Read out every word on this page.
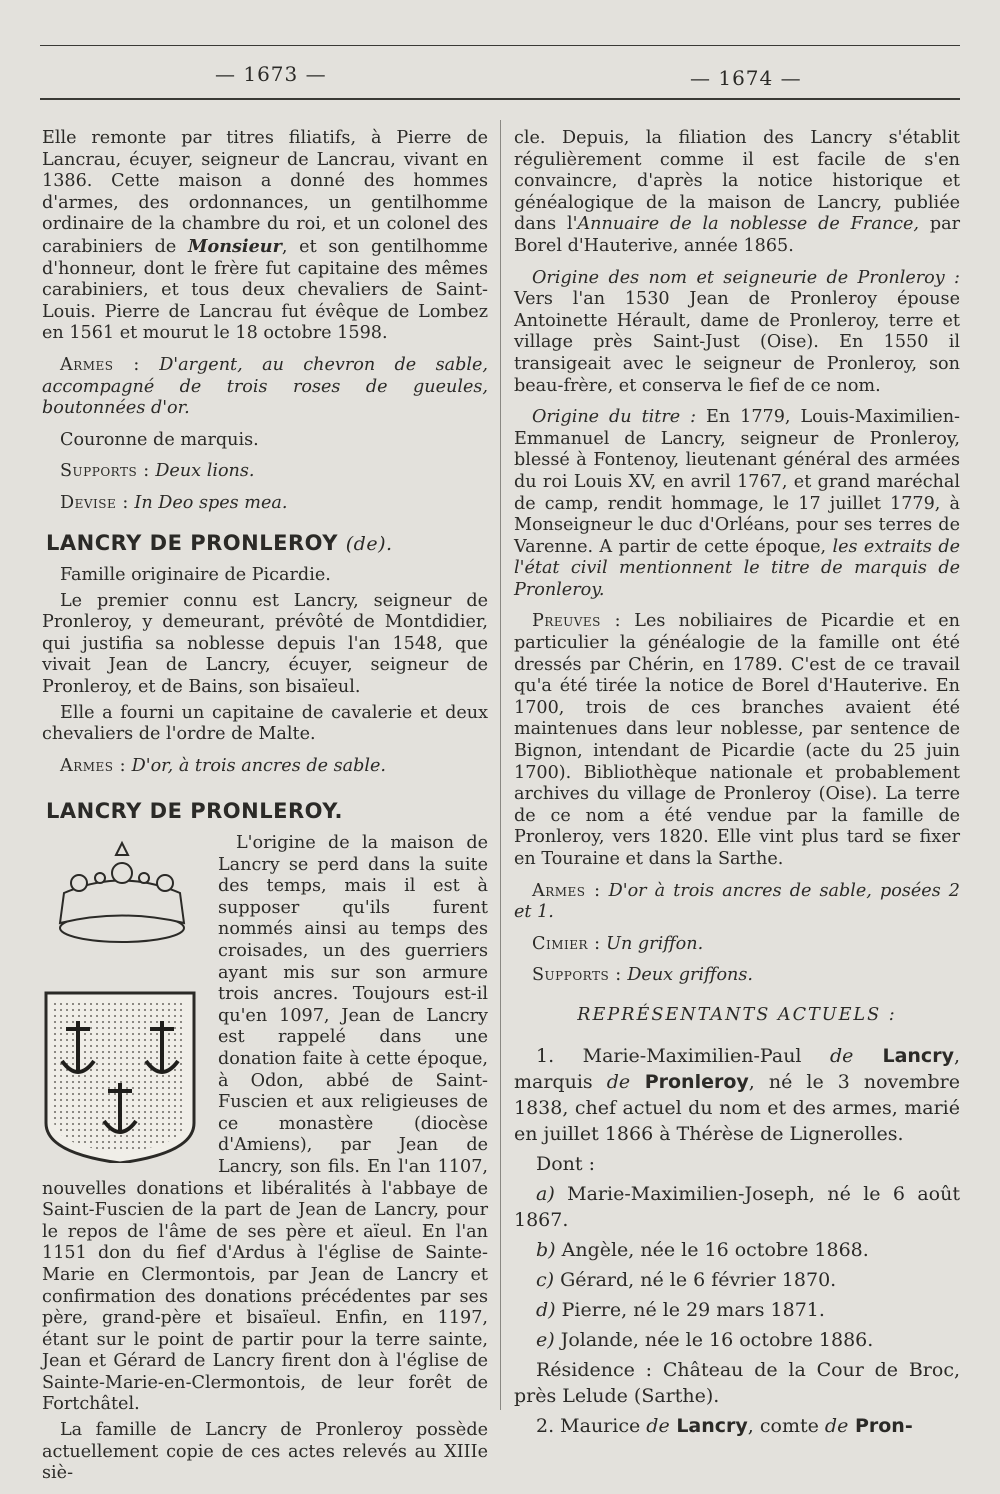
— 1673 —	— 1674 —

Elle remonte par titres filiatifs, à Pierre de Lancrau, écuyer, seigneur de Lancrau, vivant en 1386. Cette maison a donné des hommes d'armes, des ordonnances, un gentilhomme ordinaire de la chambre du roi, et un colonel des carabiniers de Monsieur, et son gentilhomme d'honneur, dont le frère fut capitaine des mêmes carabiniers, et tous deux chevaliers de Saint-Louis. Pierre de Lancrau fut évêque de Lombez en 1561 et mourut le 18 octobre 1598.

Armes : D'argent, au chevron de sable, accompagné de trois roses de gueules, boutonnées d'or.

Couronne de marquis.

Supports : Deux lions.

Devise : In Deo spes mea.

LANCRY DE PRONLEROY (de).

Famille originaire de Picardie.

Le premier connu est Lancry, seigneur de Pronleroy, y demeurant, prévôté de Montdidier, qui justifia sa noblesse depuis l'an 1548, que vivait Jean de Lancry, écuyer, seigneur de Pronleroy, et de Bains, son bisaïeul.

Elle a fourni un capitaine de cavalerie et deux chevaliers de l'ordre de Malte.

Armes : D'or, à trois ancres de sable.

LANCRY DE PRONLEROY.

L'origine de la maison de Lancry se perd dans la suite des temps, mais il est à supposer qu'ils furent nommés ainsi au temps des croisades, un des guerriers ayant mis sur son armure trois ancres. Toujours est-il qu'en 1097, Jean de Lancry est rappelé dans une donation faite à cette époque, à Odon, abbé de Saint-Fuscien et aux religieuses de ce monastère (diocèse d'Amiens), par Jean de Lancry, son fils. En l'an 1107, nouvelles donations et libéralités à l'abbaye de Saint-Fuscien de la part de Jean de Lancry, pour le repos de l'âme de ses père et aïeul. En l'an 1151 don du fief d'Ardus à l'église de Sainte-Marie en Clermontois, par Jean de Lancry et confirmation des donations précédentes par ses père, grand-père et bisaïeul. Enfin, en 1197, étant sur le point de partir pour la terre sainte, Jean et Gérard de Lancry firent don à l'église de Sainte-Marie-en-Clermontois, de leur forêt de Fortchâtel.

La famille de Lancry de Pronleroy possède actuellement copie de ces actes relevés au XIIIe siè-

cle. Depuis, la filiation des Lancry s'établit régulièrement comme il est facile de s'en convaincre, d'après la notice historique et généalogique de la maison de Lancry, publiée dans l'Annuaire de la noblesse de France, par Borel d'Hauterive, année 1865.

Origine des nom et seigneurie de Pronleroy : Vers l'an 1530 Jean de Pronleroy épouse Antoinette Hérault, dame de Pronleroy, terre et village près Saint-Just (Oise). En 1550 il transigeait avec le seigneur de Pronleroy, son beau-frère, et conserva le fief de ce nom.

Origine du titre : En 1779, Louis-Maximilien-Emmanuel de Lancry, seigneur de Pronleroy, blessé à Fontenoy, lieutenant général des armées du roi Louis XV, en avril 1767, et grand maréchal de camp, rendit hommage, le 17 juillet 1779, à Monseigneur le duc d'Orléans, pour ses terres de Varenne. A partir de cette époque, les extraits de l'état civil mentionnent le titre de marquis de Pronleroy.

Preuves : Les nobiliaires de Picardie et en particulier la généalogie de la famille ont été dressés par Chérin, en 1789. C'est de ce travail qu'a été tirée la notice de Borel d'Hauterive. En 1700, trois de ces branches avaient été maintenues dans leur noblesse, par sentence de Bignon, intendant de Picardie (acte du 25 juin 1700). Bibliothèque nationale et probablement archives du village de Pronleroy (Oise). La terre de ce nom a été vendue par la famille de Pronleroy, vers 1820. Elle vint plus tard se fixer en Touraine et dans la Sarthe.

Armes : D'or à trois ancres de sable, posées 2 et 1.

Cimier : Un griffon.

Supports : Deux griffons.

REPRÉSENTANTS ACTUELS :

1. Marie-Maximilien-Paul de Lancry, marquis de Pronleroy, né le 3 novembre 1838, chef actuel du nom et des armes, marié en juillet 1866 à Thérèse de Lignerolles.

Dont :

a) Marie-Maximilien-Joseph, né le 6 août 1867.

b) Angèle, née le 16 octobre 1868.

c) Gérard, né le 6 février 1870.

d) Pierre, né le 29 mars 1871.

e) Jolande, née le 16 octobre 1886.

Résidence : Château de la Cour de Broc, près Lelude (Sarthe).

2. Maurice de Lancry, comte de Pron-
